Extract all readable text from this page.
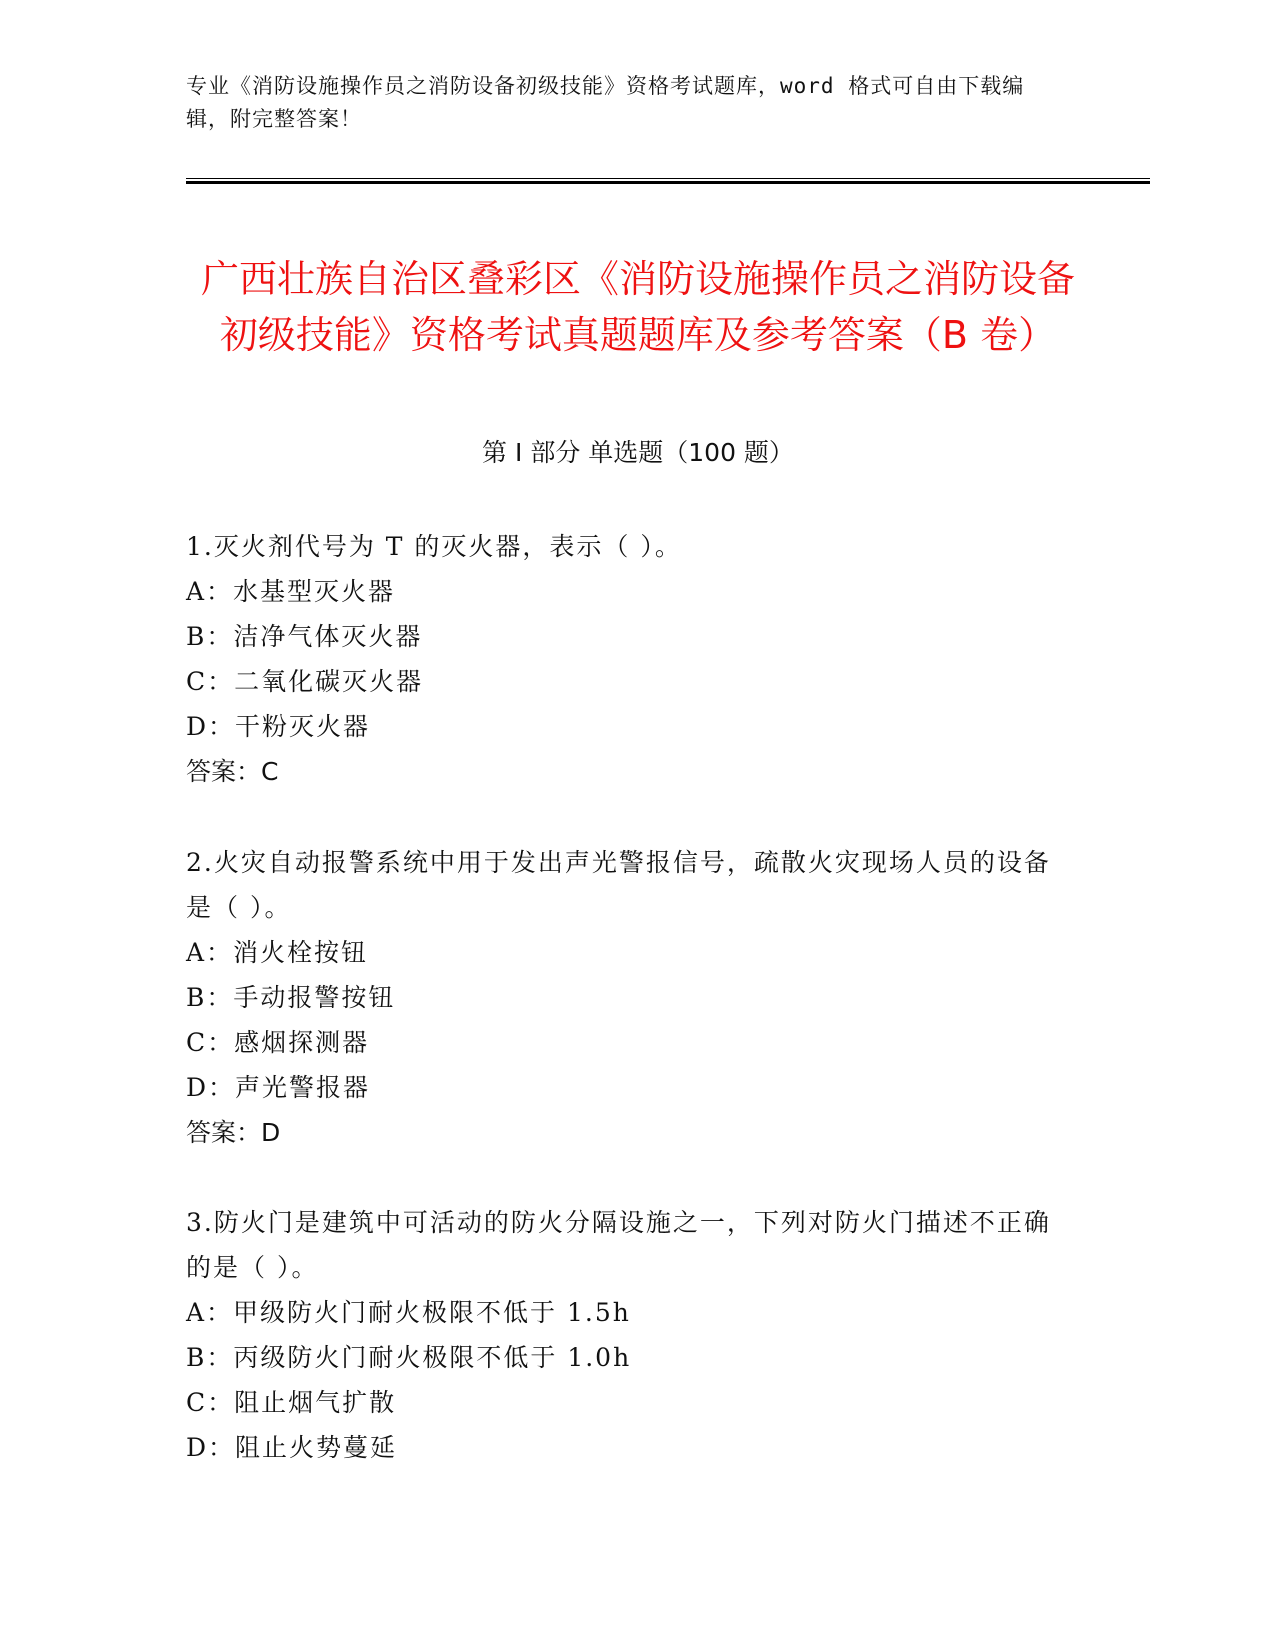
专业《消防设施操作员之消防设备初级技能》资格考试题库，word 格式可自由下载编辑，附完整答案！
广西壮族自治区叠彩区《消防设施操作员之消防设备初级技能》资格考试真题题库及参考答案（B 卷）
第 I 部分 单选题（100 题）

1.灭火剂代号为 T 的灭火器，表示（ ）。

A：水基型灭火器

B：洁净气体灭火器

C：二氧化碳灭火器

D：干粉灭火器

答案：C

2.火灾自动报警系统中用于发出声光警报信号，疏散火灾现场人员的设备是（ ）。

A：消火栓按钮

B：手动报警按钮

C：感烟探测器

D：声光警报器

答案：D

3.防火门是建筑中可活动的防火分隔设施之一，下列对防火门描述不正确的是（ ）。

A：甲级防火门耐火极限不低于 1.5h

B：丙级防火门耐火极限不低于 1.0h

C：阻止烟气扩散

D：阻止火势蔓延
